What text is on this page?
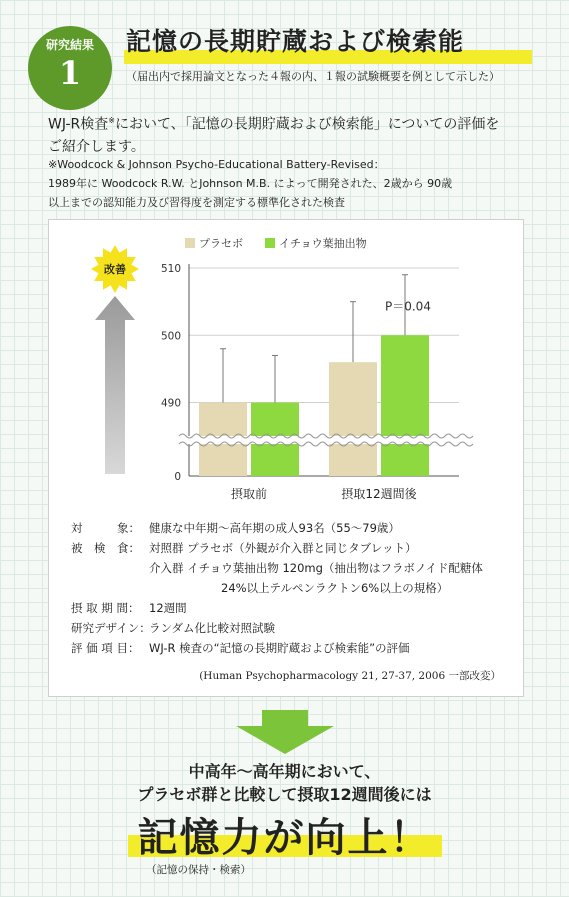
研究結果
1
記憶の長期貯蔵および検索能
（届出内で採用論文となった４報の内、１報の試験概要を例として示した）
WJ-R検査※において、「記憶の長期貯蔵および検索能」についての評価を
ご紹介します。
※Woodcock & Johnson Psycho-Educational Battery-Revised：
1989年に Woodcock R.W. とJohnson M.B. によって開発された、2歳から 90歳
以上までの認知能力及び習得度を測定する標準化された検査
0
490
500
510
摂取前	摂取12週間後
P＝0.04
プラセボ	イチョウ葉抽出物
改善
対　　　象： 健康な中年期～高年期の成人93名（55～79歳）
被　検　食： 対照群 プラセボ（外観が介入群と同じタブレット）
介入群 イチョウ葉抽出物 120mg（抽出物はフラボノイド配糖体
24%以上テルペンラクトン6%以上の規格）
摂 取 期 間： 12週間
研究デザイン：
ランダム化比較対照試験
評 価 項 目： WJ-R 検査の“記憶の長期貯蔵および検索能”の評価
(Human Psychopharmacology 21, 27-37, 2006 一部改変）
中高年～高年期において、
プラセボ群と比較して摂取12週間後には
記憶力が向上！
（記憶の保持・検索）
